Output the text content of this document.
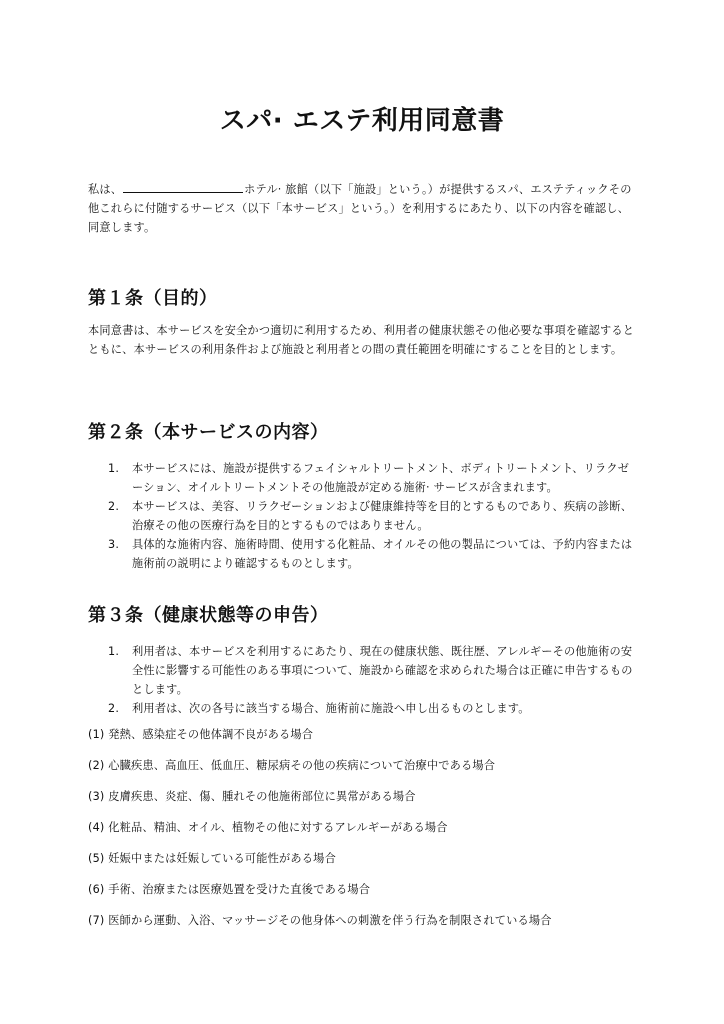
スパ· エステ利用同意書

私は、	ホテル· 旅館（以下「施設」という。）が提供するスパ、エステティックその他これらに付随するサービス（以下「本サービス」という。）を利用するにあたり、以下の内容を確認し、同意します。

第１条（目的）

本同意書は、本サービスを安全かつ適切に利用するため、利用者の健康状態その他必要な事項を確認するとともに、本サービスの利用条件および施設と利用者との間の責任範囲を明確にすることを目的とします。

第２条（本サービスの内容）
1. 本サービスには、施設が提供するフェイシャルトリートメント、ボディトリートメント、リラクゼーション、オイルトリートメントその他施設が定める施術· サービスが含まれます。
2. 本サービスは、美容、リラクゼーションおよび健康維持等を目的とするものであり、疾病の診断、治療その他の医療行為を目的とするものではありません。
3. 具体的な施術内容、施術時間、使用する化粧品、オイルその他の製品については、予約内容または施術前の説明により確認するものとします。
第３条（健康状態等の申告）
1. 利用者は、本サービスを利用するにあたり、現在の健康状態、既往歴、アレルギーその他施術の安全性に影響する可能性のある事項について、施設から確認を求められた場合は正確に申告するものとします。
2. 利用者は、次の各号に該当する場合、施術前に施設へ申し出るものとします。

(1) 発熱、感染症その他体調不良がある場合

(2) 心臓疾患、高血圧、低血圧、糖尿病その他の疾病について治療中である場合

(3) 皮膚疾患、炎症、傷、腫れその他施術部位に異常がある場合

(4) 化粧品、精油、オイル、植物その他に対するアレルギーがある場合

(5) 妊娠中または妊娠している可能性がある場合

(6) 手術、治療または医療処置を受けた直後である場合

(7) 医師から運動、入浴、マッサージその他身体への刺激を伴う行為を制限されている場合
